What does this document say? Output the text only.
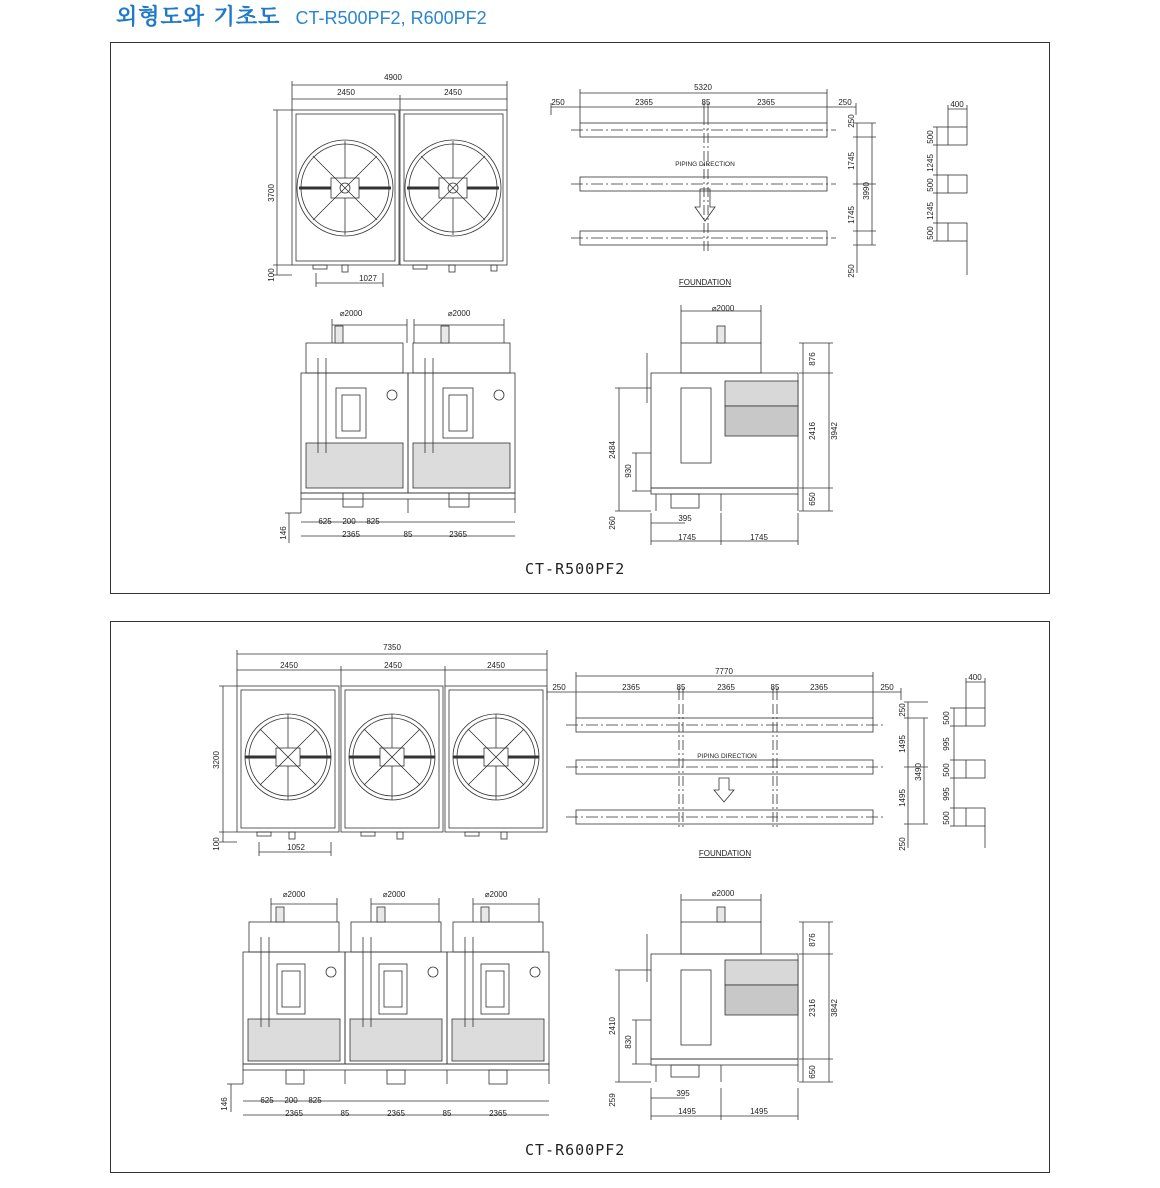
외형도와 기초도 CT-R500PF2, R600PF2
4900
2450	2450
3700
100	1027
5320
250	2365	85	2365	250
PIPING DIRECTION
FOUNDATION
250
1745
1745
250
3990
400
500
1245
500
1245
500
⌀2000	⌀2000
625 200 825
2365	85	2365
146
⌀2000
876
2416 3942
650
2484
930
260	395
1745	1745
CT-R500PF2
7350
2450	2450	2450
3200
100	1052
7770
250	2365	85	2365	85	2365	250
PIPING DIRECTION
FOUNDATION
250
1495
1495
250
3490
400
500
995
500
995
500
⌀2000	⌀2000	⌀2000
625 200 825
2365	85	2365	85	2365
146
⌀2000
876
2316 3842
650
2410
830
259	395
1495	1495
CT-R600PF2
